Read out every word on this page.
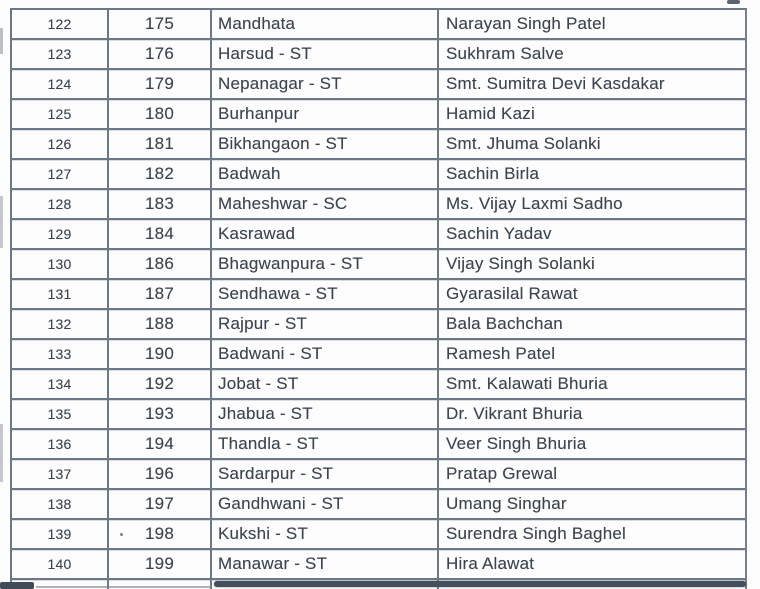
122	175	Mandhata	Narayan Singh Patel
123	176	Harsud - ST	Sukhram Salve
124	179	Nepanagar - ST	Smt. Sumitra Devi Kasdakar
125	180	Burhanpur	Hamid Kazi
126	181	Bikhangaon - ST	Smt. Jhuma Solanki
127	182	Badwah	Sachin Birla
128	183	Maheshwar - SC	Ms. Vijay Laxmi Sadho
129	184	Kasrawad	Sachin Yadav
130	186	Bhagwanpura - ST	Vijay Singh Solanki
131	187	Sendhawa - ST	Gyarasilal Rawat
132	188	Rajpur - ST	Bala Bachchan
133	190	Badwani - ST	Ramesh Patel
134	192	Jobat - ST	Smt. Kalawati Bhuria
135	193	Jhabua - ST	Dr. Vikrant Bhuria
136	194	Thandla - ST	Veer Singh Bhuria
137	196	Sardarpur - ST	Pratap Grewal
138	197	Gandhwani - ST	Umang Singhar
139	198	Kukshi - ST	Surendra Singh Baghel
140	199	Manawar - ST	Hira Alawat
